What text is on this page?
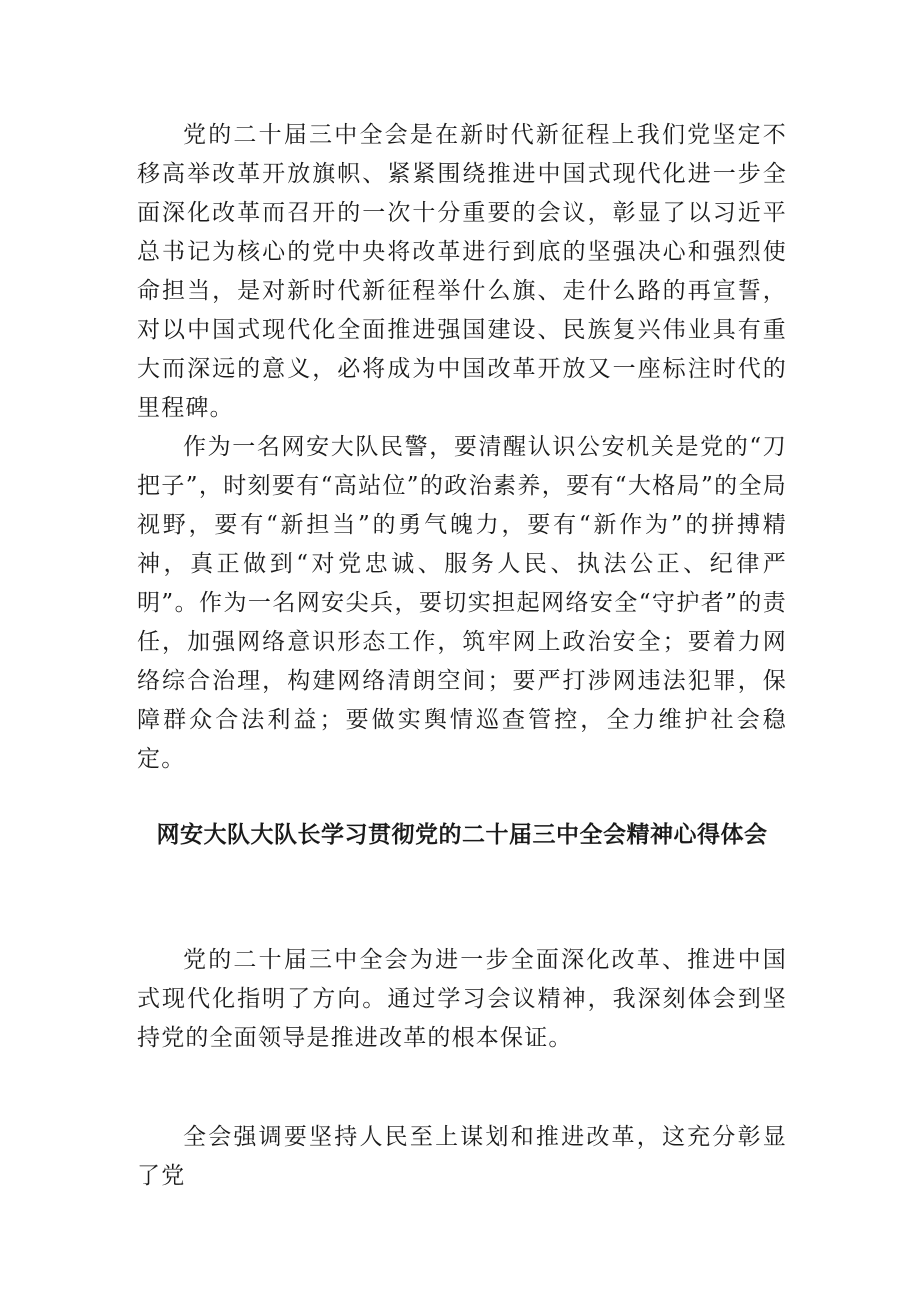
党的二十届三中全会是在新时代新征程上我们党坚定不移高举改革开放旗帜、紧紧围绕推进中国式现代化进一步全面深化改革而召开的一次十分重要的会议，彰显了以习近平总书记为核心的党中央将改革进行到底的坚强决心和强烈使命担当，是对新时代新征程举什么旗、走什么路的再宣誓，对以中国式现代化全面推进强国建设、民族复兴伟业具有重大而深远的意义，必将成为中国改革开放又一座标注时代的里程碑。

作为一名网安大队民警，要清醒认识公安机关是党的“刀把子”，时刻要有“高站位”的政治素养，要有“大格局”的全局视野，要有“新担当”的勇气魄力，要有“新作为”的拼搏精神，真正做到“对党忠诚、服务人民、执法公正、纪律严明”。作为一名网安尖兵，要切实担起网络安全“守护者”的责任，加强网络意识形态工作，筑牢网上政治安全；要着力网络综合治理，构建网络清朗空间；要严打涉网违法犯罪，保障群众合法利益；要做实舆情巡查管控，全力维护社会稳定。

网安大队大队长学习贯彻党的二十届三中全会精神心得体会

党的二十届三中全会为进一步全面深化改革、推进中国式现代化指明了方向。通过学习会议精神，我深刻体会到坚持党的全面领导是推进改革的根本保证。

全会强调要坚持人民至上谋划和推进改革，这充分彰显了党
